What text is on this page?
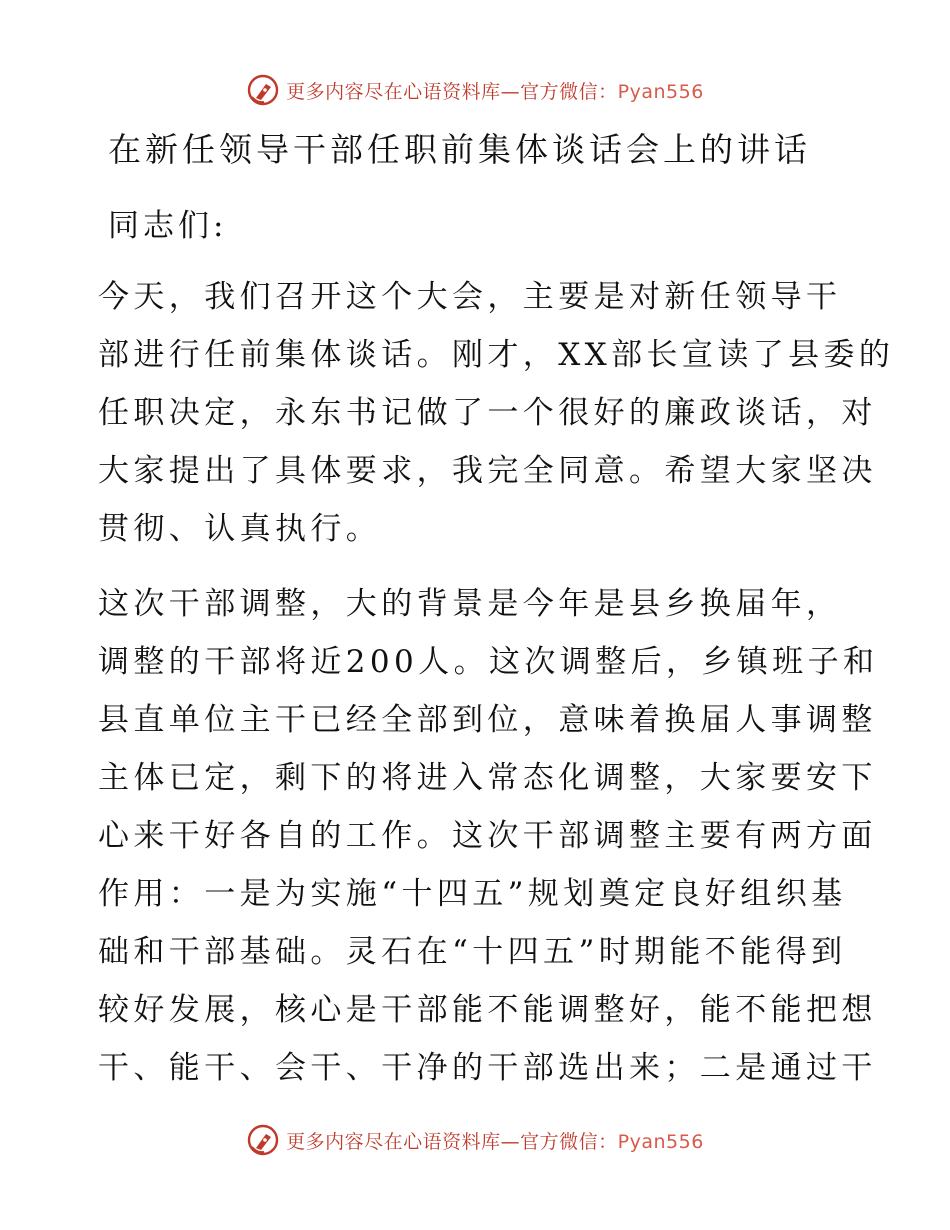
更多内容尽在心语资料库—官方微信：Pyan556
在新任领导干部任职前集体谈话会上的讲话

同志们:

今天，我们召开这个大会，主要是对新任领导干
部进行任前集体谈话。刚才，XX部长宣读了县委的
任职决定，永东书记做了一个很好的廉政谈话，对
大家提出了具体要求，我完全同意。希望大家坚决
贯彻、认真执行。
这次干部调整，大的背景是今年是县乡换届年，
调整的干部将近200人。这次调整后，乡镇班子和
县直单位主干已经全部到位，意味着换届人事调整
主体已定，剩下的将进入常态化调整，大家要安下
心来干好各自的工作。这次干部调整主要有两方面
作用：一是为实施“十四五”规划奠定良好组织基
础和干部基础。灵石在“十四五”时期能不能得到
较好发展，核心是干部能不能调整好，能不能把想
干、能干、会干、干净的干部选出来；二是通过干
更多内容尽在心语资料库—官方微信：Pyan556
